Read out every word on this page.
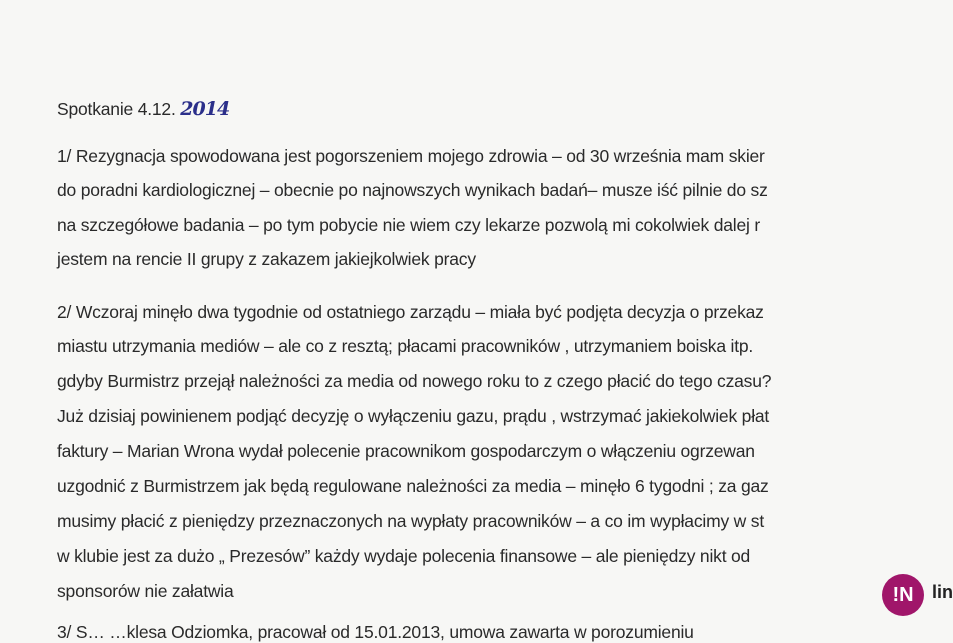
Spotkanie 4.12. 2014
1/ Rezygnacja spowodowana jest pogorszeniem mojego zdrowia – od 30 września mam skier
do poradni kardiologicznej – obecnie po najnowszych wynikach badań– musze iść pilnie do sz
na szczegółowe badania – po tym pobycie nie wiem czy lekarze pozwolą mi cokolwiek dalej r
jestem na rencie II grupy z zakazem jakiejkolwiek pracy
2/ Wczoraj minęło dwa tygodnie od ostatniego zarządu – miała być podjęta decyzja o przekaz
miastu utrzymania mediów – ale co z resztą; płacami pracowników , utrzymaniem boiska itp.
gdyby Burmistrz przejął należności za media od nowego roku to z czego płacić do tego czasu?
Już dzisiaj powinienem podjąć decyzję o wyłączeniu gazu, prądu , wstrzymać jakiekolwiek płat
faktury – Marian Wrona wydał polecenie pracownikom gospodarczym o włączeniu ogrzewan
uzgodnić z Burmistrzem jak będą regulowane należności za media – minęło 6 tygodni ; za gaz
musimy płacić z pieniędzy przeznaczonych na wypłaty pracowników – a co im wypłacimy w st
w klubie jest za dużo „ Prezesów” każdy wydaje polecenia finansowe – ale pieniędzy nikt od
sponsorów nie załatwia
3/ S… …klesa Odziomka, pracował od 15.01.2013, umowa zawarta w porozumieniu
!N	lin
